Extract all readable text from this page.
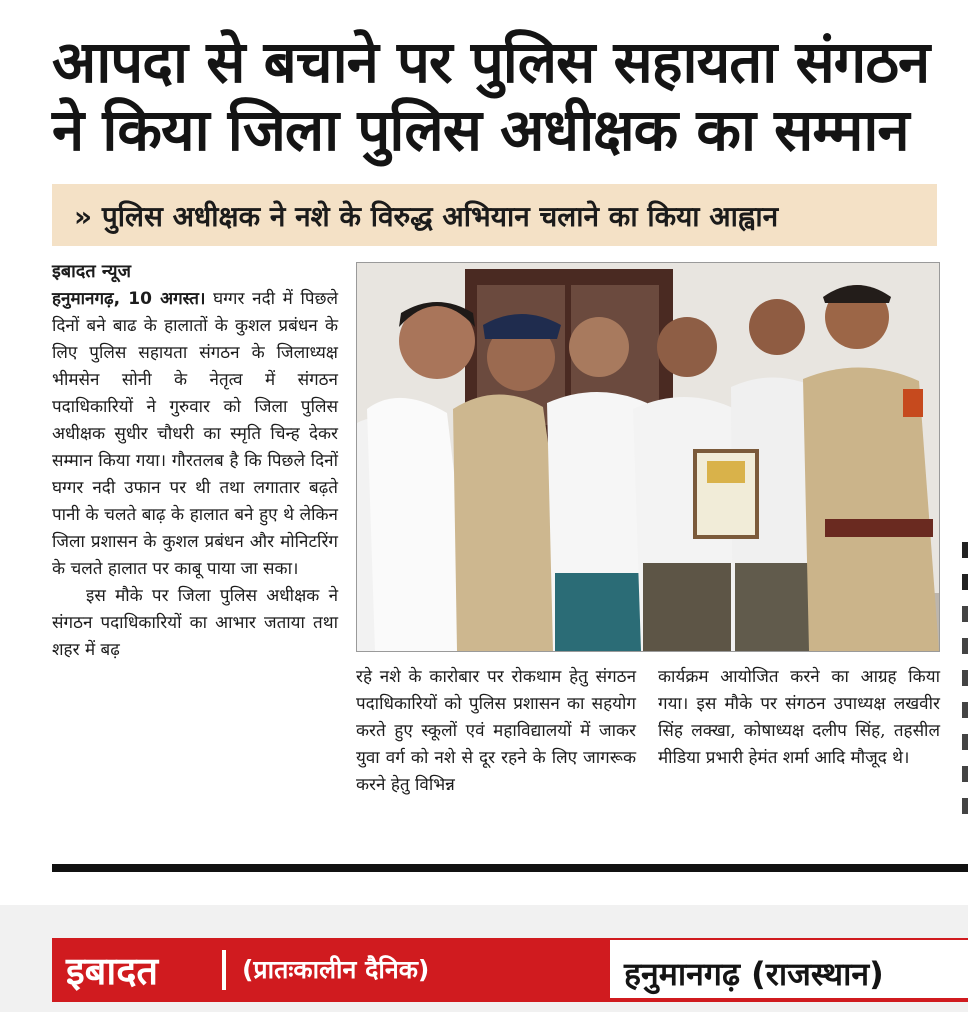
आपदा से बचाने पर पुलिस सहायता संगठन
ने किया जिला पुलिस अधीक्षक का सम्मान
» पुलिस अधीक्षक ने नशे के विरुद्ध अभियान चलाने का किया आह्वान
इबादत न्यूज

हनुमानगढ़, 10 अगस्त। घग्गर नदी में पिछले दिनों बने बाढ के हालातों के कुशल प्रबंधन के लिए पुलिस सहायता संगठन के जिलाध्यक्ष भीमसेन सोनी के नेतृत्व में संगठन पदाधिकारियों ने गुरुवार को जिला पुलिस अधीक्षक सुधीर चौधरी का स्मृति चिन्ह देकर सम्मान किया गया। गौरतलब है कि पिछले दिनों घग्गर नदी उफान पर थी तथा लगातार बढ़ते पानी के चलते बाढ़ के हालात बने हुए थे लेकिन जिला प्रशासन के कुशल प्रबंधन और मोनिटरिंग के चलते हालात पर काबू पाया जा सका।

इस मौके पर जिला पुलिस अधीक्षक ने संगठन पदाधिकारियों का आभार जताया तथा शहर में बढ़

रहे नशे के कारोबार पर रोकथाम हेतु संगठन पदाधिकारियों को पुलिस प्रशासन का सहयोग करते हुए स्कूलों एवं महाविद्यालयों में जाकर युवा वर्ग को नशे से दूर रहने के लिए जागरूक करने हेतु विभिन्न
कार्यक्रम आयोजित करने का आग्रह किया गया। इस मौके पर संगठन उपाध्यक्ष लखवीर सिंह लक्खा, कोषाध्यक्ष दलीप सिंह, तहसील मीडिया प्रभारी हेमंत शर्मा आदि मौजूद थे।
इबादत	(प्रातःकालीन दैनिक)	हनुमानगढ़ (राजस्थान)
